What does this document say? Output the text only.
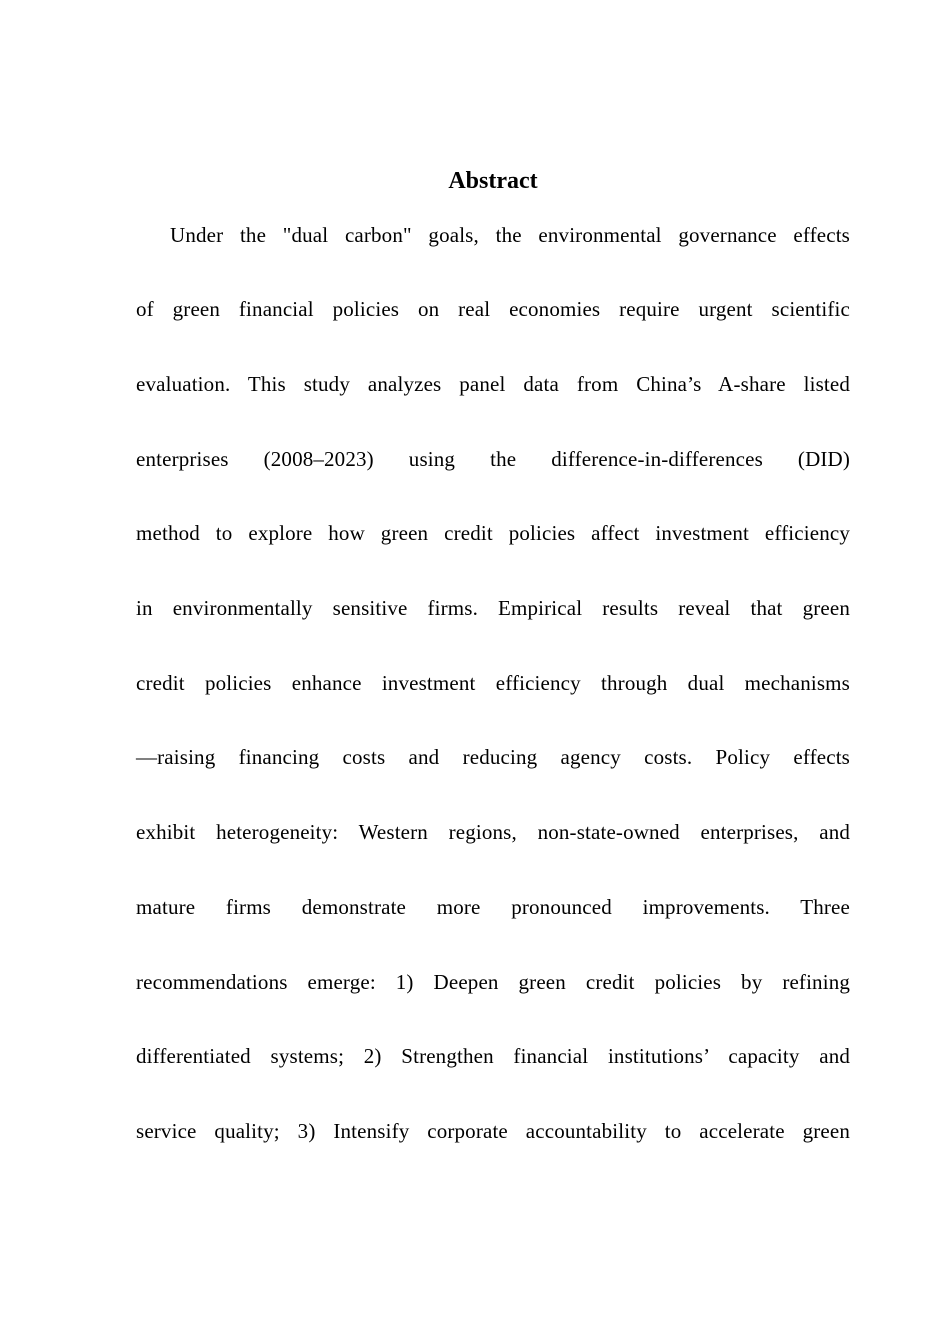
Abstract
Under the "dual carbon" goals, the environmental governance effects
of green financial policies on real economies require urgent scientific
evaluation. This study analyzes panel data from China’s A-share listed
enterprises (2008–2023) using the difference-in-differences (DID)
method to explore how green credit policies affect investment efficiency
in environmentally sensitive firms. Empirical results reveal that green
credit policies enhance investment efficiency through dual mechanisms
—raising financing costs and reducing agency costs. Policy effects
exhibit heterogeneity: Western regions, non-state-owned enterprises, and
mature firms demonstrate more pronounced improvements. Three
recommendations emerge: 1) Deepen green credit policies by refining
differentiated systems; 2) Strengthen financial institutions’ capacity and
service quality; 3) Intensify corporate accountability to accelerate green
